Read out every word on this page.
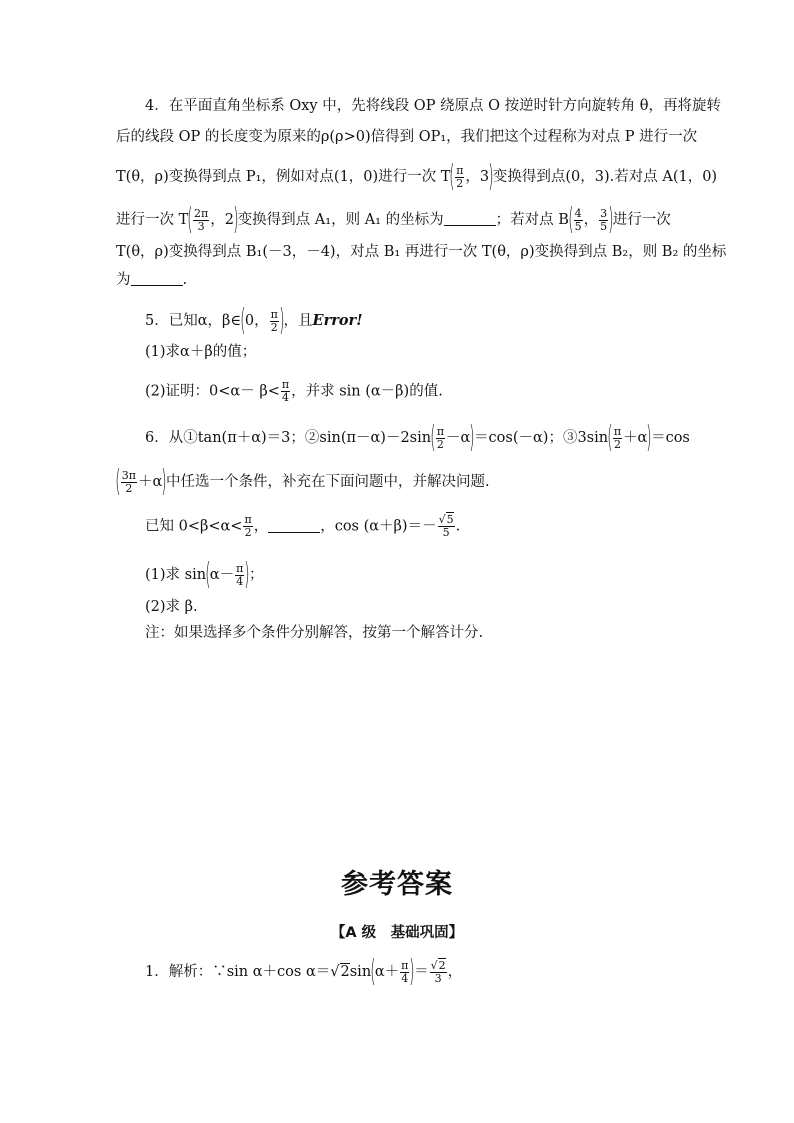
4．在平面直角坐标系 Oxy 中，先将线段 OP 绕原点 O 按逆时针方向旋转角 θ，再将旋转
后的线段 OP 的长度变为原来的ρ(ρ>0)倍得到 OP₁，我们把这个过程称为对点 P 进行一次
T(θ，ρ)变换得到点 P₁，例如对点(1，0)进行一次 $T( \frac{\pi}{2}$ ，3)变换得到点(0，3).若对点 A(1，0)
进行一次 $T( \frac{2\pi}{3}$ ，2)变换得到点 A₁，则 A₁ 的坐标为	；若对点 $B( \frac{4}{5}$ ， $\frac{3}{5}$ )进行一次
T(θ，ρ)变换得到点 B₁(－3，－4)，对点 B₁ 再进行一次 T(θ，ρ)变换得到点 B₂，则 B₂ 的坐标
为	.
5．已知α，β∈(0， $\frac{\pi}{2}$ )，且Error!
(1)求α＋β的值；
(2)证明：$0<\alpha- \beta< \frac{\pi}{4}$ ，并求 sin (α－β)的值.
6．从①tan(π＋α)＝3；②sin(π－α)－2sin( $\frac{\pi}{2} -\alpha)=\cos(-\alpha)$；③3sin( $\frac{\pi}{2} +\alpha)=\cos$
( $\frac{3\pi}{2} +\alpha$)中任选一个条件，补充在下面问题中，并解决问题.
已知 $0<\beta<\alpha< \frac{\pi}{2}$ ，	，$\cos (\alpha+\beta)=- \frac{√5}{5}$ .
(1)求 $\sin(\alpha- \frac{\pi}{4}$ )；
(2)求 β.
注：如果选择多个条件分别解答，按第一个解答计分.
参考答案
【A 级　基础巩固】
1．解析：∵sin α＋cos $\alpha=√2\sin(\alpha+ \frac{\pi}{4}$ )＝ $\frac{√2}{3}$ ，
